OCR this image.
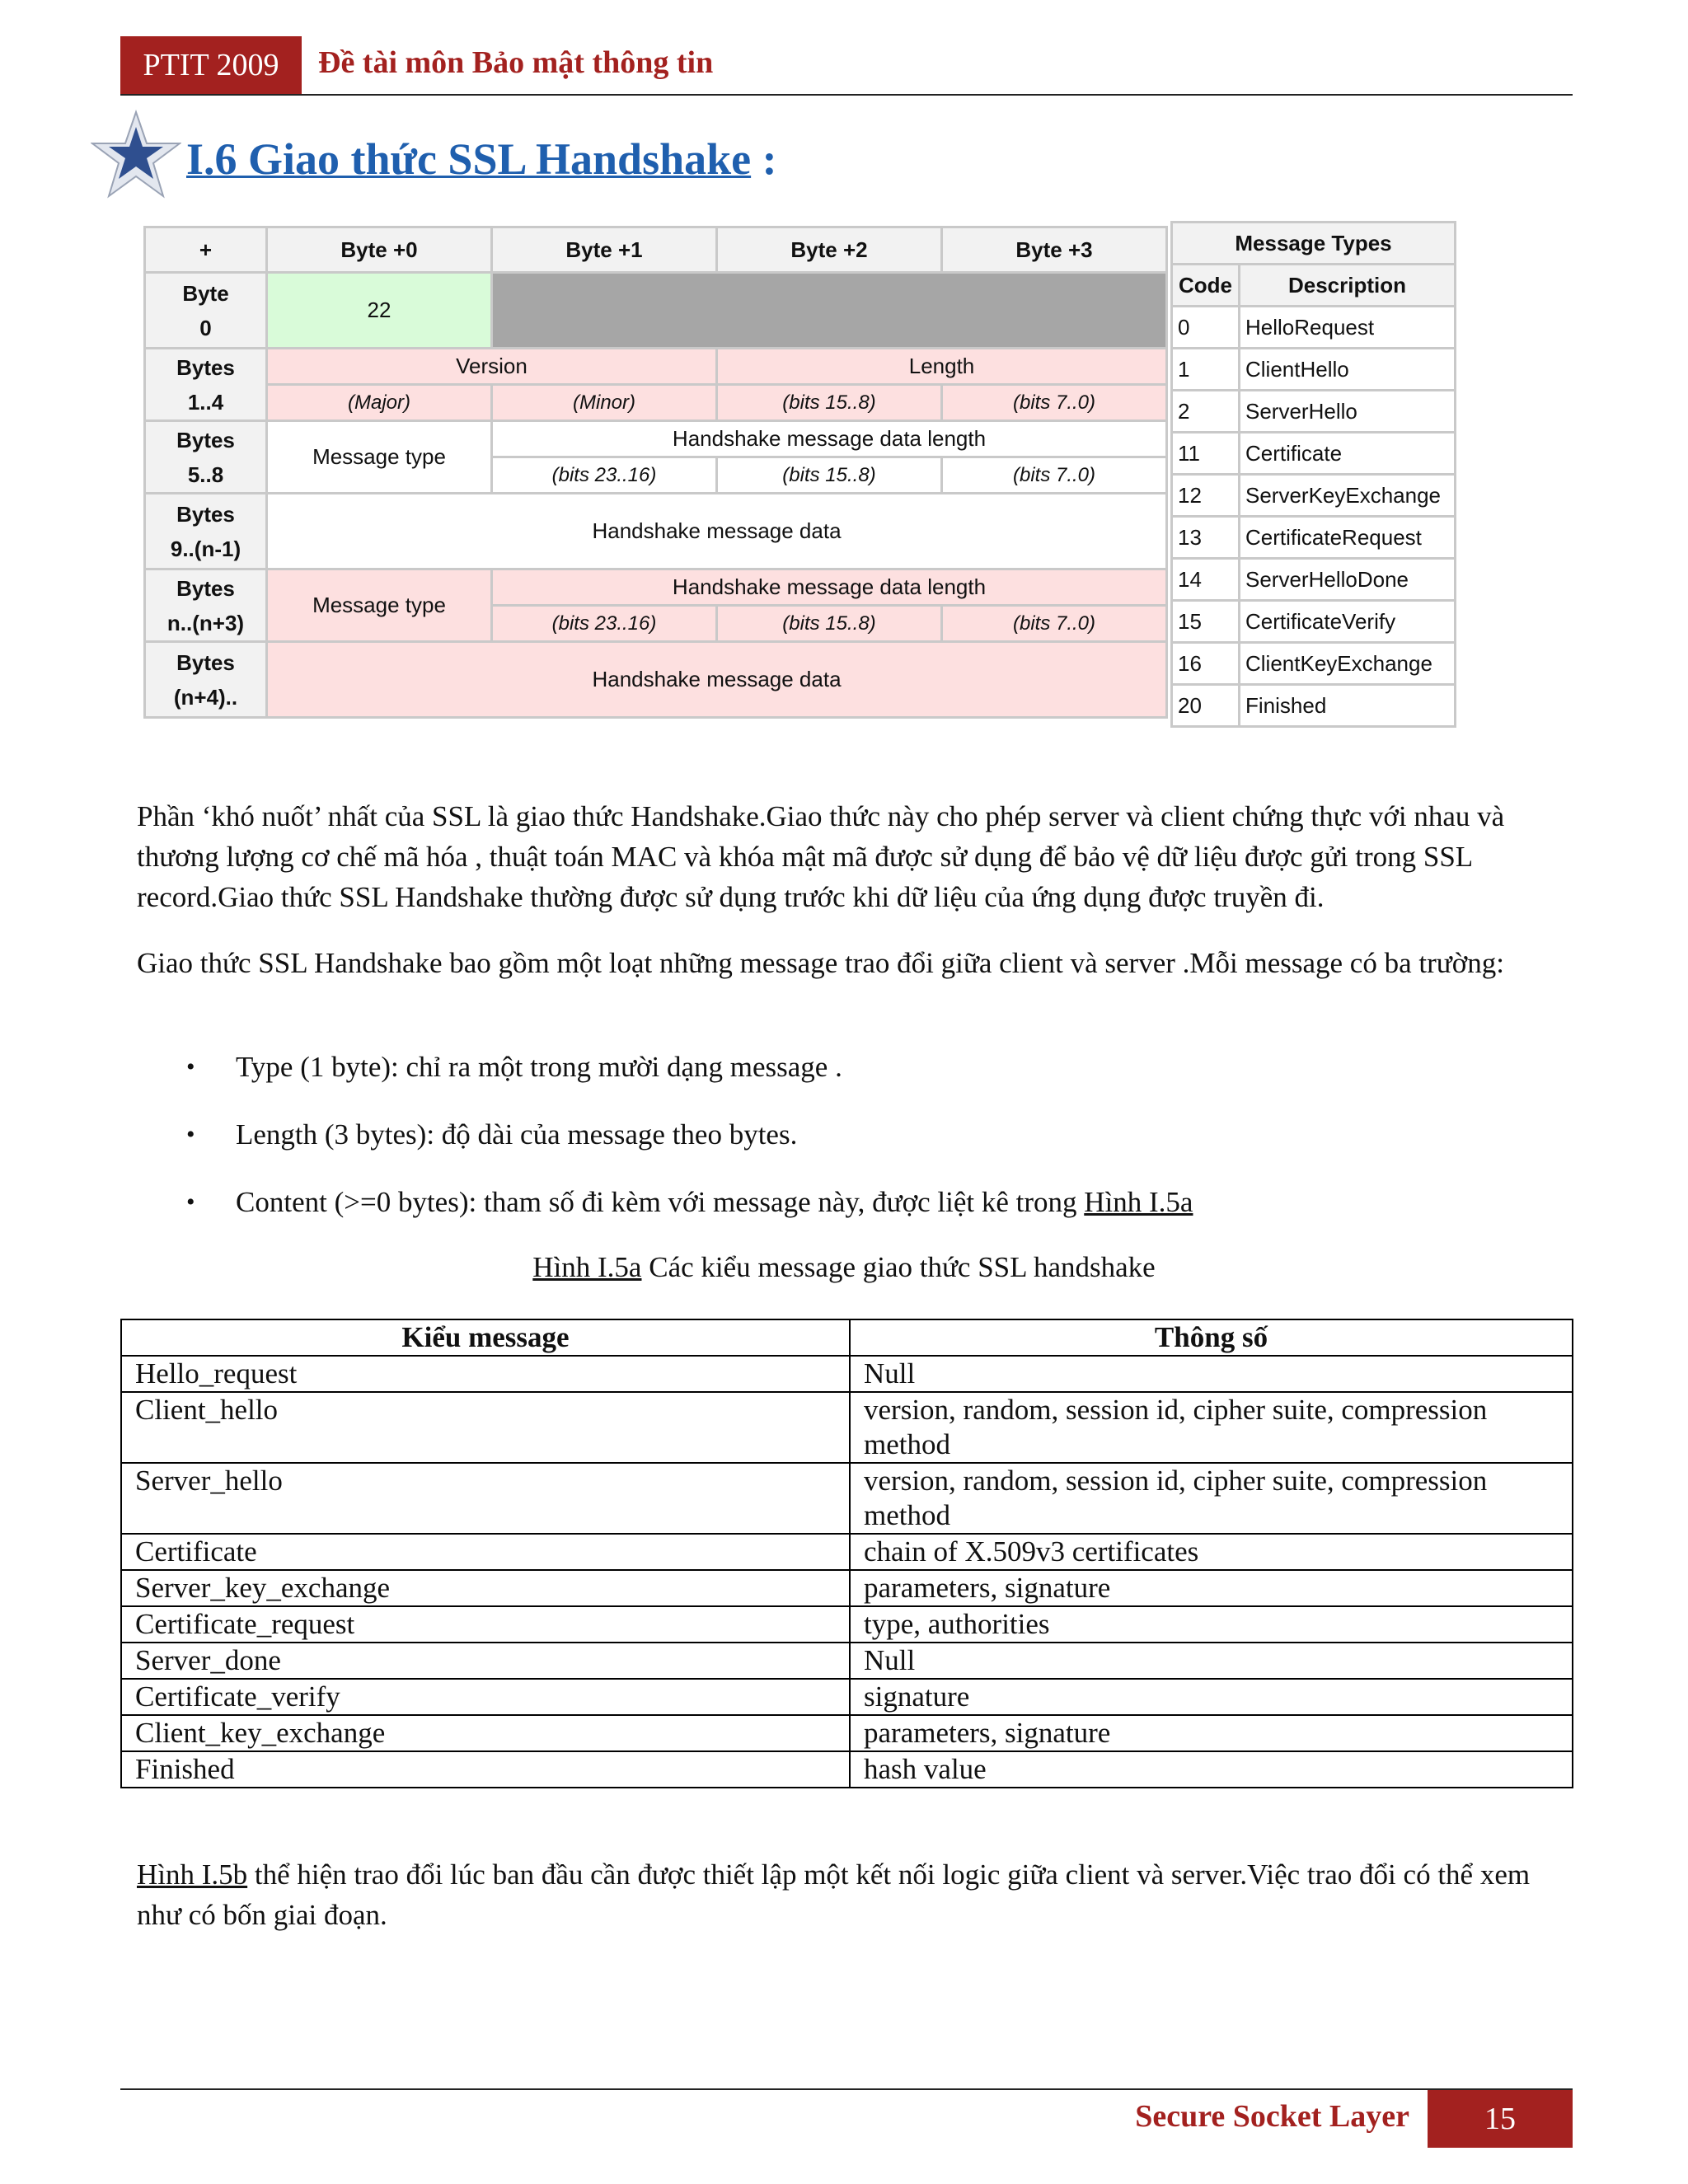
PTIT 2009	Đề tài môn Bảo mật thông tin
I.6 Giao thức SSL Handshake :
+	Byte +0	Byte +1	Byte +2	Byte +3
Byte
0	22			
Bytes
1..4	Version		Length	
	(Major)	(Minor)	(bits 15..8)	(bits 7..0)
Bytes
5..8	Message type	Handshake message data length		
		(bits 23..16)	(bits 15..8)	(bits 7..0)
Bytes
9..(n-1)	Handshake message data			
Bytes
n..(n+3)	Message type	Handshake message data length		
		(bits 23..16)	(bits 15..8)	(bits 7..0)
Bytes
(n+4)..	Handshake message data			
Message Types	
Code	Description
0	HelloRequest
1	ClientHello
2	ServerHello
11	Certificate
12	ServerKeyExchange
13	CertificateRequest
14	ServerHelloDone
15	CertificateVerify
16	ClientKeyExchange
20	Finished
Phần ‘khó nuốt’ nhất của SSL là giao thức Handshake.Giao thức này cho phép server và client chứng thực với nhau và thương lượng cơ chế mã hóa , thuật toán MAC và khóa mật mã được sử dụng để bảo vệ dữ liệu được gửi trong SSL record.Giao thức SSL Handshake thường được sử dụng trước khi dữ liệu của ứng dụng được truyền đi.
Giao thức SSL Handshake bao gồm một loạt những message trao đổi giữa client và server .Mỗi message có ba trường:
• Type (1 byte): chỉ ra một trong mười dạng message .
• Length (3 bytes): độ dài của message theo bytes.
• Content (>=0 bytes): tham số đi kèm với message này, được liệt kê trong Hình I.5a
Hình I.5a Các kiểu message giao thức SSL handshake
Kiểu message	Thông số
Hello_request	Null
Client_hello	version, random, session id, cipher suite, compression method
Server_hello	version, random, session id, cipher suite, compression method
Certificate	chain of X.509v3 certificates
Server_key_exchange	parameters, signature
Certificate_request	type, authorities
Server_done	Null
Certificate_verify	signature
Client_key_exchange	parameters, signature
Finished	hash value
Hình I.5b thể hiện trao đổi lúc ban đầu cần được thiết lập một kết nối logic giữa client và server.Việc trao đổi có thể xem như có bốn giai đoạn.
Secure Socket Layer	15
